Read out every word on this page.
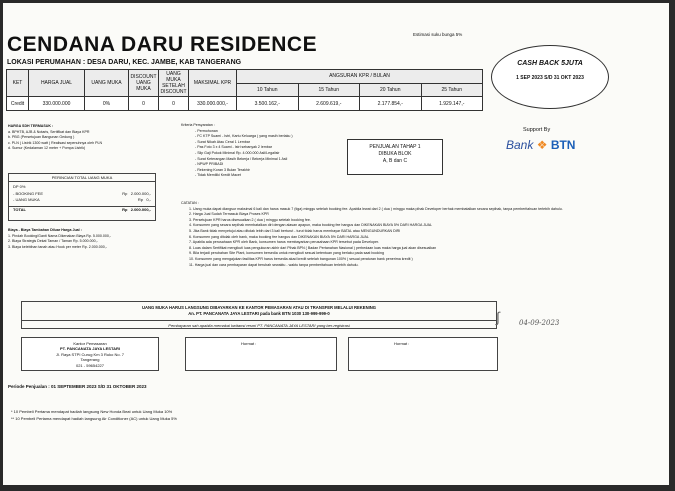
CENDANA DARU RESIDENCE
LOKASI PERUMAHAN : DESA DARU, KEC. JAMBE, KAB TANGERANG
Estimasi suku bunga 5%
KET	HARGA JUAL	UANG MUKA	DISCOUNT UANG MUKA	UANG MUKA SETELAH DISCOUNT	MAKSIMAL KPR	ANGSURAN KPR / BULAN			
						10 Tahun	15 Tahun	20 Tahun	25 Tahun
Credit	330.000.000	0%	0	0	330.000.000,-	3.500.162,-	2.609.619,-	2.177.854,-	1.929.147,-
CASH BACK 5JUTA
1 SEP 2023 S/D 31 OKT 2023
Support By
Bank ❖ BTN
HARGA SDH TERMASUK :
a. BPHTB, AJB & Notaris, Sertifikat dan Biaya KPR
b. PBG (Persetujuan Bangunan Gedung )
c. PLN ( Listrik 1300 watt ) Realisasi sepenuhnya oleh PLN
d. Sumur (Kedalaman 12 meter + Pompa Listrik)
PERINCIAN TOTAL UANG MUKA
DP 0%
- BOOKING FEE	Rp 2.000.000,-
- UANG MUKA	Rp 0,-
TOTAL	Rp 2.000.000,-
Biaya - Biaya Tambahan Diluar Harga Jual :
1. Pindah Booking/Ganti Nama Dikenakan Biaya Rp. 5.000.000,-
2. Biaya Strategis Dekat Taman / Taman Rp. 5.000.000,-
3. Biaya kelebihan tanah atau Hook per meter Rp. 2.000.000,-
Kriteria Persyaratan :
- Permohonan
- FC KTP Suami - Istri, Kartu Keluarga ( yang masih berlaku )
- Surat Nikah Atau Cerai 1 Lembar
- Pas Foto 3 x 4 Suami - Istri sebanyak 2 lembar
- Slip Gaji Pokok Minimal Rp. 4.000.000 Asli/Legalisir
- Surat Keterangan Masih Bekerja / Bekerja Minimal 1 Asli
- NPWP PRIBADI
- Rekening Koran 3 Bulan Terakhir
- Tidak Memiliki Kredit Macet
PENJUALAN TAHAP 1
DIBUKA BLOK
A, B dan C
CATATAN :
1. Uang muka dapat diangsur maksimal 6 kali dan harus masuk 7 (tiga) minggu setelah booking fee. Apabila lewat dari 2 ( dua ) minggu maka pihak Developer berhak membatalkan secara sepihak, tanpa pemberitahuan terlebih dahulu.
2. Harga Jual Sudah Termasuk Biaya Proses KPR
3. Persetujuan KPR harus disesuaikan 2 ( dua ) minggu setelah booking fee.
4. Konsumen yang secara sepihak membatalkan diri dengan alasan apapun, maka booking fee hangus dan DIKENAKAN BIAYA 5% DARI HARGA JUAL
5. Jika Bank tidak menyetujui atau ditolak lebih dari 3 kali berturut - turut tidak harus membayar BATAL atau MENGUNDURKAN DIRI
6. Konsumen yang ditolak oleh bank, maka booking fee hangus dan DIKENAKAN BIAYA 5% DARI HARGA JUAL
7. Apabila ada perusahaan KPR oleh Bank, konsumen harus membayarkan perusahaan KPR tersebut pada Developer.
8. Luas dalam Sertifikat mengikuti luas pengukuran akhir dari Pihak BPN ( Badan Pertanahan Nasional ) perbedaan luas maka harga jual akan disesuaikan
9. Bila terjadi perubahan Site Plant, konsumen bersedia untuk mengikuti sesuai ketentuan yang berlaku pada saat booking
10. Konsumen yang mengajukan fasilitas KPR harus bersedia akad kredit setelah bangunan 100% ( sesuai peraturan bank penerima kredit )
11. Harga jual dan cara pembayaran dapat berubah sewaktu - waktu tanpa pemberitahuan terlebih dahulu.
UANG MUKA HARUS LANGSUNG DIBAYARKAN KE KANTOR PEMASARAN ATAU DI TRANSFER MELALUI REKENING
An. PT. PANCANATA JAYA LESTARI pada bank BTN 1030 130-999-999-0
Pembayaran sah apabila memakai kwitansi resmi PT. PANCANATA JAYA LESTARI yang ber-registrasi
∫	04-09-2023
Kantor Pemasaran
PT. PANCANATA JAYA LESTARI
Jl. Raya STPI Curug Km 3 Ruko No. 7
Tangerang
021 - 59654227
Hormat :	Hormat :
Periode Penjualan : 01 SEPTEMBER 2023 S/D 31 OKTOBER 2023
* 10 Pembeli Pertama mendapat hadiah langsung New Honda Beat untuk Uang Muka 10%
** 10 Pembeli Pertama mendapat hadiah langsung Air Conditioner (AC) untuk Uang Muka 5%
